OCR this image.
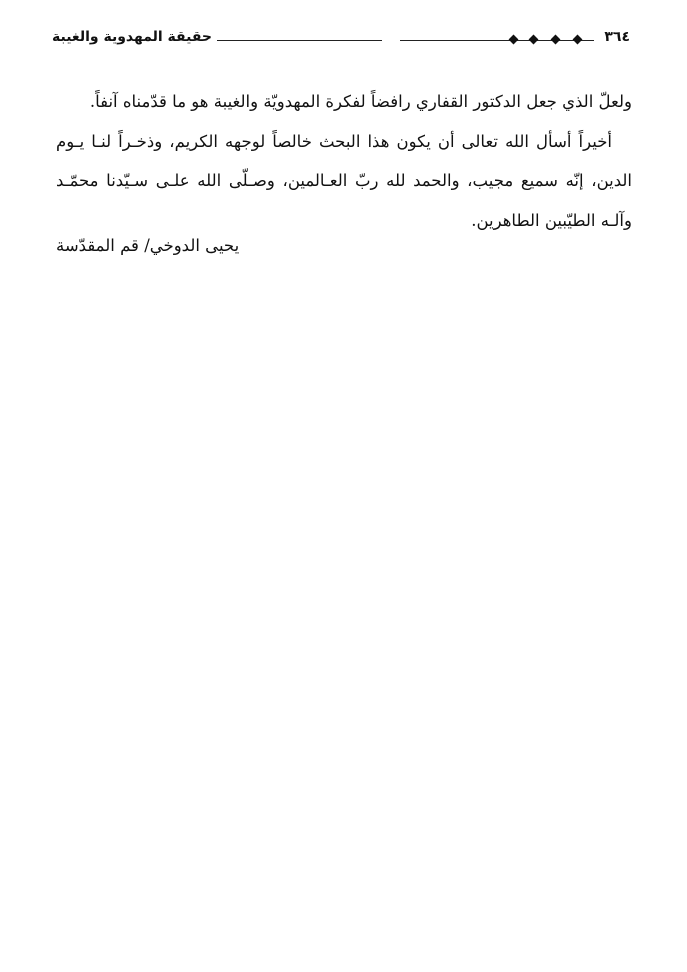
٣٦٤
حقيقة المهدوية والغيبة

ولعلّ الذي جعل الدكتور القفاري رافضاً لفكرة المهدويّة والغيبة هو ما قدّمناه آنفاً.

أخيراً أسأل الله تعالى أن يكون هذا البحث خالصاً لوجهه الكريم، وذخـراً لنـا يـوم الدين، إنّه سميع مجيب، والحمد لله ربّ العـالمين، وصـلّى الله علـى سـيّدنا محمّـد وآلـه الطيّبين الطاهرين.

يحيى الدوخي/ قم المقدّسة
